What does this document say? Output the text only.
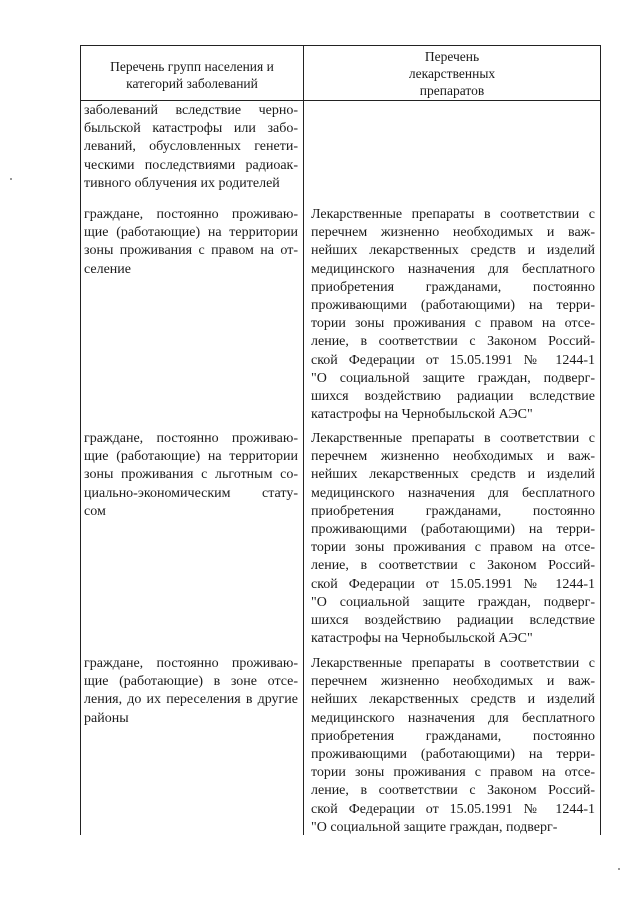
Перечень групп населения и
категорий заболеваний
Перечень
лекарственных
препаратов
заболеваний вследствие черно-
быльской катастрофы или забо-
леваний, обусловленных генети-
ческими последствиями радиоак-
тивного облучения их родителей
граждане, постоянно проживаю-
щие (работающие) на территории
зоны проживания с правом на от-
селение
Лекарственные препараты в соответствии с
перечнем жизненно необходимых и важ-
нейших лекарственных средств и изделий
медицинского назначения для бесплатного
приобретения гражданами, постоянно
проживающими (работающими) на терри-
тории зоны проживания с правом на отсе-
ление, в соответствии с Законом Россий-
ской Федерации от 15.05.1991 № 1244-1
"О социальной защите граждан, подверг-
шихся воздействию радиации вследствие
катастрофы на Чернобыльской АЭС"
граждане, постоянно проживаю-
щие (работающие) на территории
зоны проживания с льготным со-
циально-экономическим стату-
сом
Лекарственные препараты в соответствии с
перечнем жизненно необходимых и важ-
нейших лекарственных средств и изделий
медицинского назначения для бесплатного
приобретения гражданами, постоянно
проживающими (работающими) на терри-
тории зоны проживания с правом на отсе-
ление, в соответствии с Законом Россий-
ской Федерации от 15.05.1991 № 1244-1
"О социальной защите граждан, подверг-
шихся воздействию радиации вследствие
катастрофы на Чернобыльской АЭС"
граждане, постоянно проживаю-
щие (работающие) в зоне отсе-
ления, до их переселения в другие
районы
Лекарственные препараты в соответствии с
перечнем жизненно необходимых и важ-
нейших лекарственных средств и изделий
медицинского назначения для бесплатного
приобретения гражданами, постоянно
проживающими (работающими) на терри-
тории зоны проживания с правом на отсе-
ление, в соответствии с Законом Россий-
ской Федерации от 15.05.1991 № 1244-1
"О социальной защите граждан, подверг-
